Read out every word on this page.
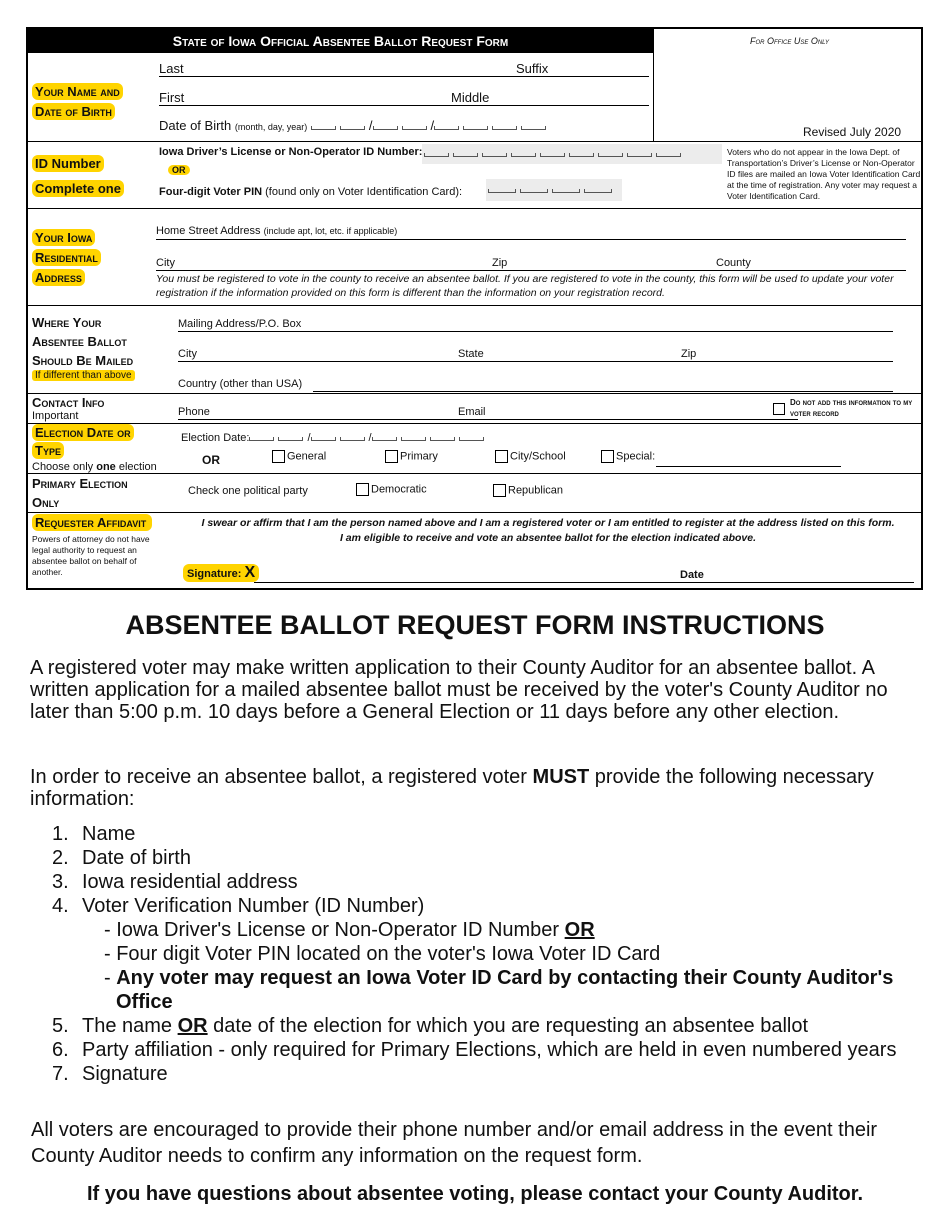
State of Iowa Official Absentee Ballot Request Form	For Office Use Only
Revised July 2020
Your Name and
Date of Birth
Last	Suffix
First	Middle
Date of Birth (month, day, year)	/	/
ID Number
Complete one
Iowa Driver’s License or Non-Operator ID Number:
OR
Four-digit Voter PIN (found only on Voter Identification Card):
Voters who do not appear in the Iowa Dept. of Transportation’s Driver’s License or Non-Operator ID files are mailed an Iowa Voter Identification Card at the time of registration. Any voter may request a Voter Identification Card.
Your Iowa
Residential
Address
Home Street Address (include apt, lot, etc. if applicable)
City	Zip	County
You must be registered to vote in the county to receive an absentee ballot. If you are registered to vote in the county, this form will be used to update your voter registration if the information provided on this form is different than the information on your registration record.
Where Your
Absentee Ballot
Should Be Mailed
If different than above
Mailing Address/P.O. Box
City	State	Zip
Country (other than USA)
Contact Info
Important	Phone	Email
Do not add this information to my voter record
Election Date or
Type
Choose only one election
Election Date:	/	/
OR	General	Primary	City/School	Special:
Primary Election
Only
Check one political party	Democratic	Republican
Requester Affidavit
Powers of attorney do not have legal authority to request an absentee ballot on behalf of another.
I swear or affirm that I am the person named above and I am a registered voter or I am entitled to register at the address listed on this form.
I am eligible to receive and vote an absentee ballot for the election indicated above.
Signature: X	Date
ABSENTEE BALLOT REQUEST FORM INSTRUCTIONS
A registered voter may make written application to their County Auditor for an absentee ballot. A written application for a mailed absentee ballot must be received by the voter's County Auditor no later than 5:00 p.m. 10 days before a General Election or 11 days before any other election.
In order to receive an absentee ballot, a registered voter MUST provide the following necessary information:
1. Name
2. Date of birth
3. Iowa residential address
4. Voter Verification Number (ID Number)
- Iowa Driver's License or Non-Operator ID Number OR
- Four digit Voter PIN located on the voter's Iowa Voter ID Card
- Any voter may request an Iowa Voter ID Card by contacting their County Auditor's Office
5. The name OR date of the election for which you are requesting an absentee ballot
6. Party affiliation - only required for Primary Elections, which are held in even numbered years
7. Signature
All voters are encouraged to provide their phone number and/or email address in the event their County Auditor needs to confirm any information on the request form.
If you have questions about absentee voting, please contact your County Auditor.
